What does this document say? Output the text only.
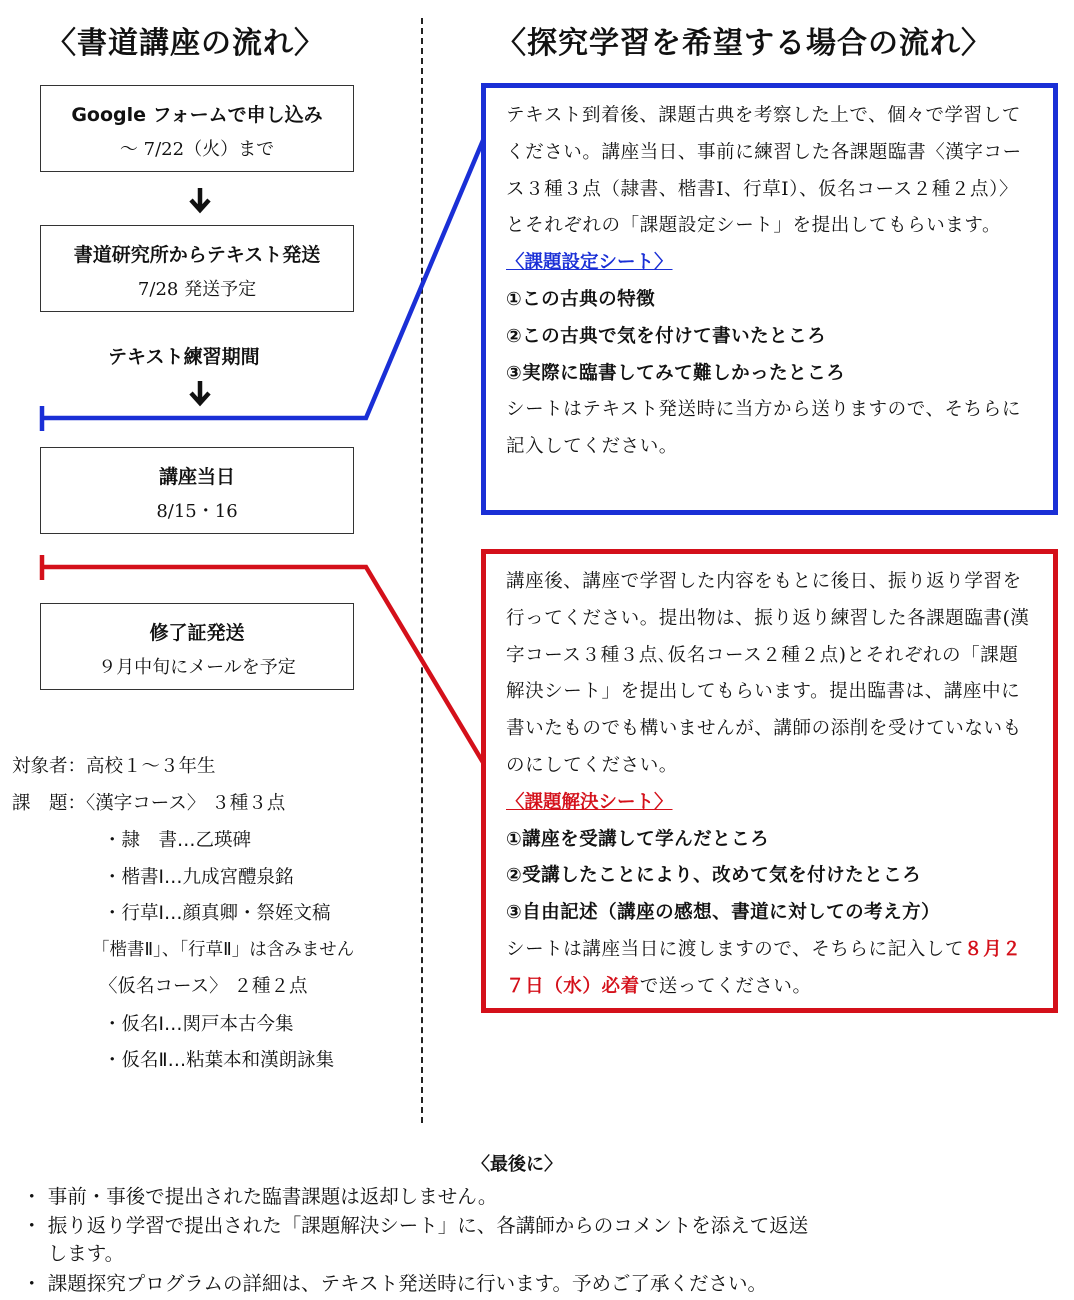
〈書道講座の流れ〉	〈探究学習を希望する場合の流れ〉
Google フォームで申し込み
～ 7/22（火）まで
書道研究所からテキスト発送
7/28 発送予定
テキスト練習期間
講座当日
8/15・16
修了証発送
９月中旬にメールを予定
対象者：高校１～３年生
課　題：〈漢字コース〉 ３種３点
・隷　書…乙瑛碑
・楷書Ⅰ…九成宮醴泉銘
・行草Ⅰ…顔真卿・祭姪文稿
「楷書Ⅱ」、「行草Ⅱ」は含みません
〈仮名コース〉 ２種２点
・仮名Ⅰ…関戸本古今集
・仮名Ⅱ…粘葉本和漢朗詠集

テキスト到着後、課題古典を考察した上で、個々で学習してください。講座当日、事前に練習した各課題臨書〈漢字コース３種３点（隷書、楷書Ⅰ、行草Ⅰ）、仮名コース２種２点）〉とそれぞれの「課題設定シート」を提出してもらいます。

〈課題設定シート〉

①この古典の特徴

②この古典で気を付けて書いたところ

③実際に臨書してみて難しかったところ

シートはテキスト発送時に当方から送りますので、そちらに記入してください。

講座後、講座で学習した内容をもとに後日、振り返り学習を行ってください。提出物は、振り返り練習した各課題臨書(漢字コース３種３点､仮名コース２種２点)とそれぞれの「課題解決シート」を提出してもらいます。提出臨書は、講座中に書いたものでも構いませんが、講師の添削を受けていないものにしてください。

〈課題解決シート〉

①講座を受講して学んだところ

②受講したことにより、改めて気を付けたところ

③自由記述（講座の感想、書道に対しての考え方）

シートは講座当日に渡しますので、そちらに記入して８月２７日（水）必着で送ってください。

〈最後に〉
・ 事前・事後で提出された臨書課題は返却しません。
・ 振り返り学習で提出された「課題解決シート」に、各講師からのコメントを添えて返送
　 します。
・ 課題探究プログラムの詳細は、テキスト発送時に行います。予めご了承ください。
